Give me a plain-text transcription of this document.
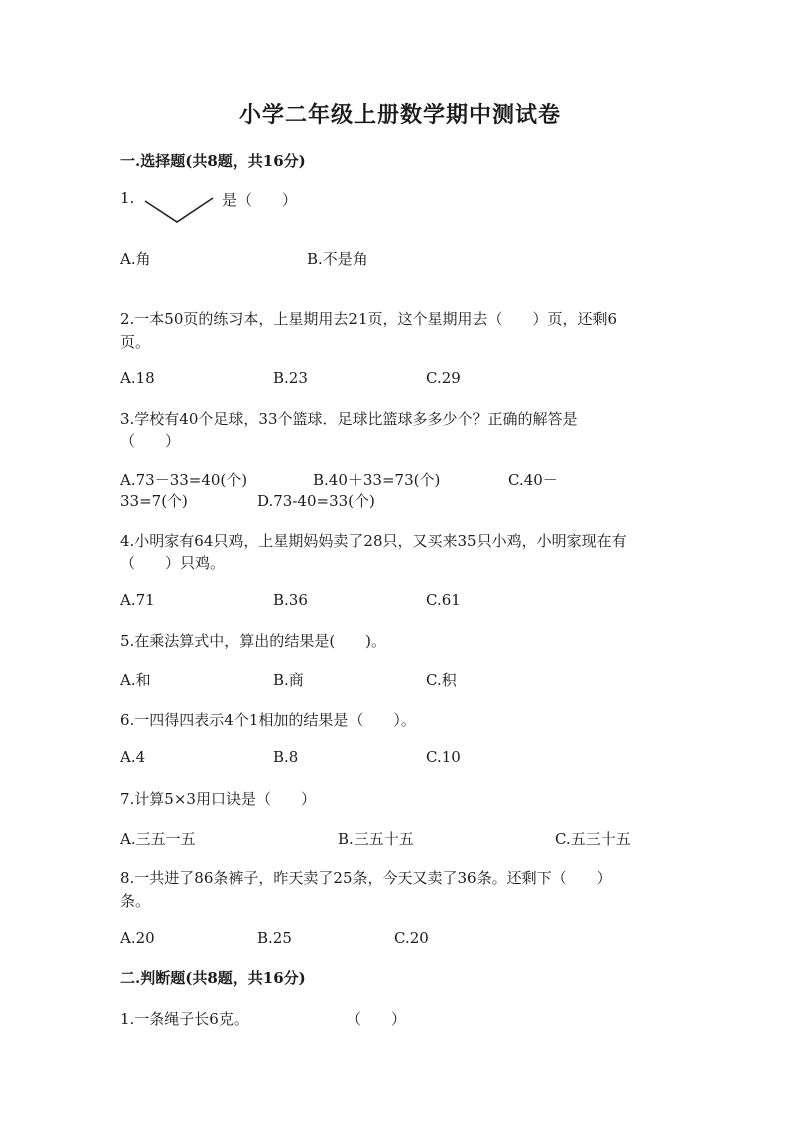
小学二年级上册数学期中测试卷
一.选择题(共8题，共16分)
1.	是（　　）
A.角	B.不是角
2.一本50页的练习本，上星期用去21页，这个星期用去（　　）页，还剩6
页。
A.18	B.23	C.29
3.学校有40个足球，33个篮球．足球比篮球多多少个？正确的解答是
（　　）
A.73－33=40(个)	B.40＋33=73(个)	C.40－
33=7(个)	D.73-40=33(个)
4.小明家有64只鸡，上星期妈妈卖了28只，又买来35只小鸡，小明家现在有
（　　）只鸡。
A.71	B.36	C.61
5.在乘法算式中，算出的结果是(　　)。
A.和	B.商	C.积
6.一四得四表示4个1相加的结果是（　　）。
A.4	B.8	C.10
7.计算5×3用口诀是（　　）
A.三五一五	B.三五十五	C.五三十五
8.一共进了86条裤子，昨天卖了25条，今天又卖了36条。还剩下（　　）
条。
A.20	B.25	C.20
二.判断题(共8题，共16分)
1.一条绳子长6克。	（　　）
